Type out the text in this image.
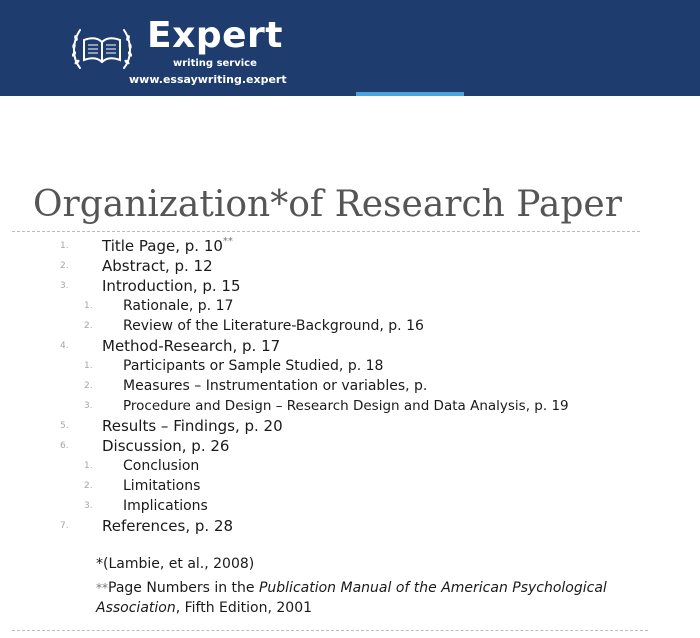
Expert
writing service
www.essaywriting.expert
Organization*of Research Paper
1. Title Page, p. 10**
2. Abstract, p. 12
3. Introduction, p. 15
1. Rationale, p. 17
2. Review of the Literature-Background, p. 16
4. Method-Research, p. 17
1. Participants or Sample Studied, p. 18
2. Measures – Instrumentation or variables, p.
3. Procedure and Design – Research Design and Data Analysis, p. 19
5. Results – Findings, p. 20
6. Discussion, p. 26
1. Conclusion
2. Limitations
3. Implications
7. References, p. 28
*(Lambie, et al., 2008)
**Page Numbers in the Publication Manual of the American Psychological
Association, Fifth Edition, 2001
